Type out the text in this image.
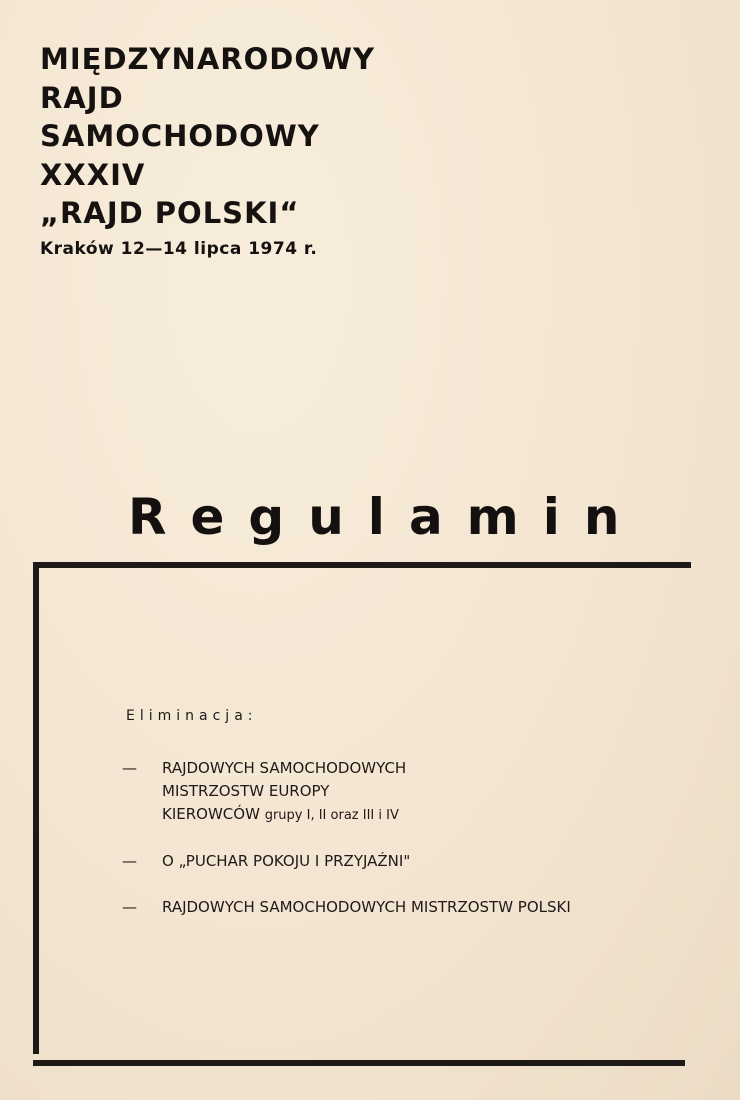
MIĘDZYNARODOWY
RAJD
SAMOCHODOWY
XXXIV
„RAJD POLSKI“
Kraków 12—14 lipca 1974 r.
Regulamin
Eliminacja:
—	RAJDOWYCH SAMOCHODOWYCH
MISTRZOSTW EUROPY
KIEROWCÓW grupy I, II oraz III i IV
—	O „PUCHAR POKOJU I PRZYJAŹNI"
—	RAJDOWYCH SAMOCHODOWYCH MISTRZOSTW POLSKI
